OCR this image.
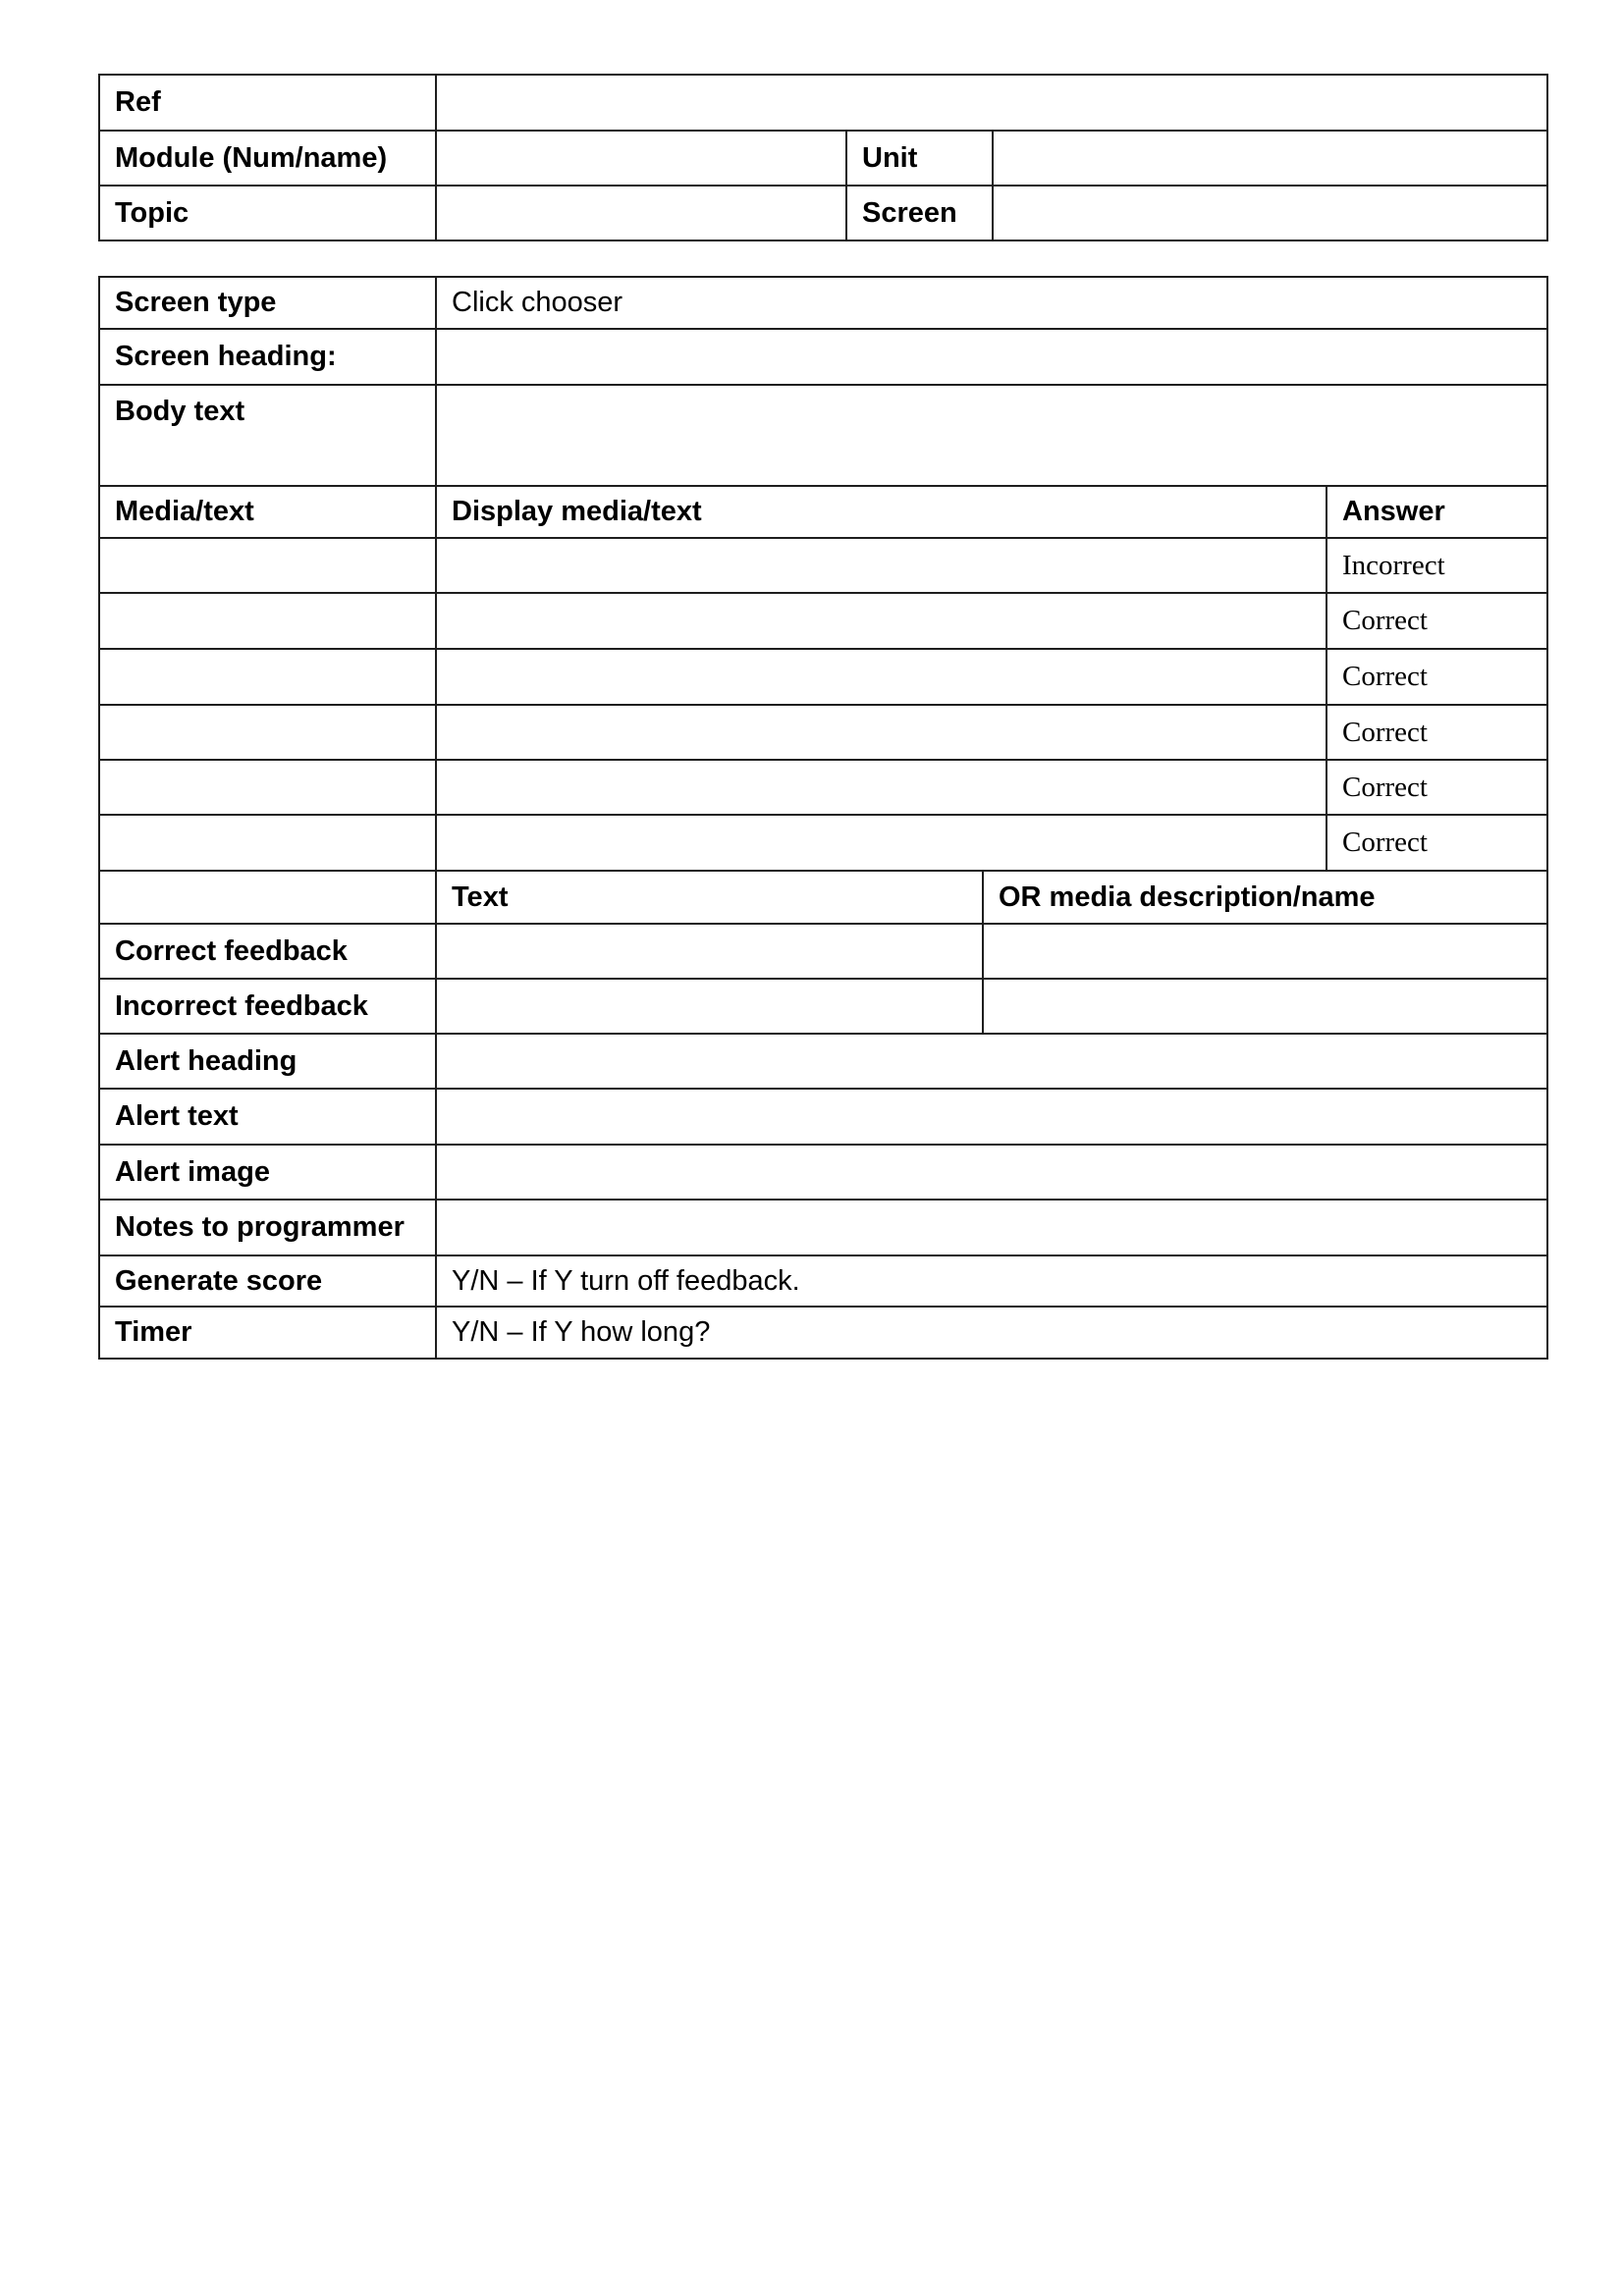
Ref			
Module (Num/name)		Unit	
Topic		Screen	
Screen type	Click chooser	
Screen heading:		
Body text		
Media/text	Display media/text	Answer
		Incorrect
		Correct
		Correct
		Correct
		Correct
		Correct
	Text	OR media description/name
Correct feedback		
Incorrect feedback		
Alert heading		
Alert text		
Alert image		
Notes to programmer		
Generate score	Y/N – If Y turn off feedback.	
Timer	Y/N – If Y how long?	
